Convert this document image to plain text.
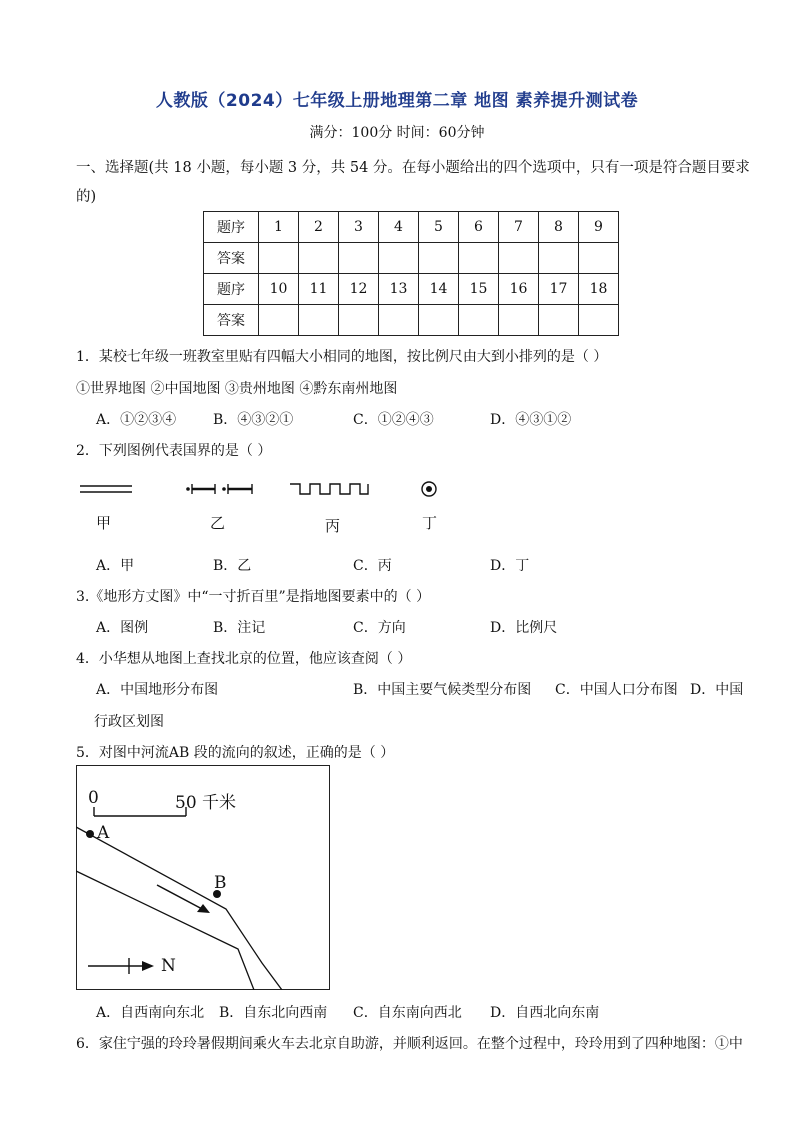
人教版（2024）七年级上册地理第二章 地图 素养提升测试卷
满分：100分 时间：60分钟
一、选择题(共 18 小题，每小题 3 分，共 54 分。在每小题给出的四个选项中，只有一项是符合题目要求的)
题序	1	2	3	4	5	6	7	8	9
答案									
题序	10	11	12	13	14	15	16	17	18
答案									
1．某校七年级一班教室里贴有四幅大小相同的地图，按比例尺由大到小排列的是（ ）
①世界地图 ②中国地图 ③贵州地图 ④黔东南州地图
A．①②③④	B．④③②①	C．①②④③	D．④③①②
2．下列图例代表国界的是（ ）
甲	乙	丙	丁
A．甲	B．乙	C．丙	D．丁
3.《地形方丈图》中“一寸折百里”是指地图要素中的（ ）
A．图例	B．注记	C．方向	D．比例尺
4．小华想从地图上查找北京的位置，他应该查阅（ ）
A．中国地形分布图	B．中国主要气候类型分布图 C．中国人口分布图 D．中国
行政区划图
5．对图中河流AB 段的流向的叙述，正确的是（ ）
0	50 千米
A
B
N
A．自西南向东北 B．自东北向西南 C．自东南向西北 D．自西北向东南
6．家住宁强的玲玲暑假期间乘火车去北京自助游，并顺利返回。在整个过程中，玲玲用到了四种地图：①中
